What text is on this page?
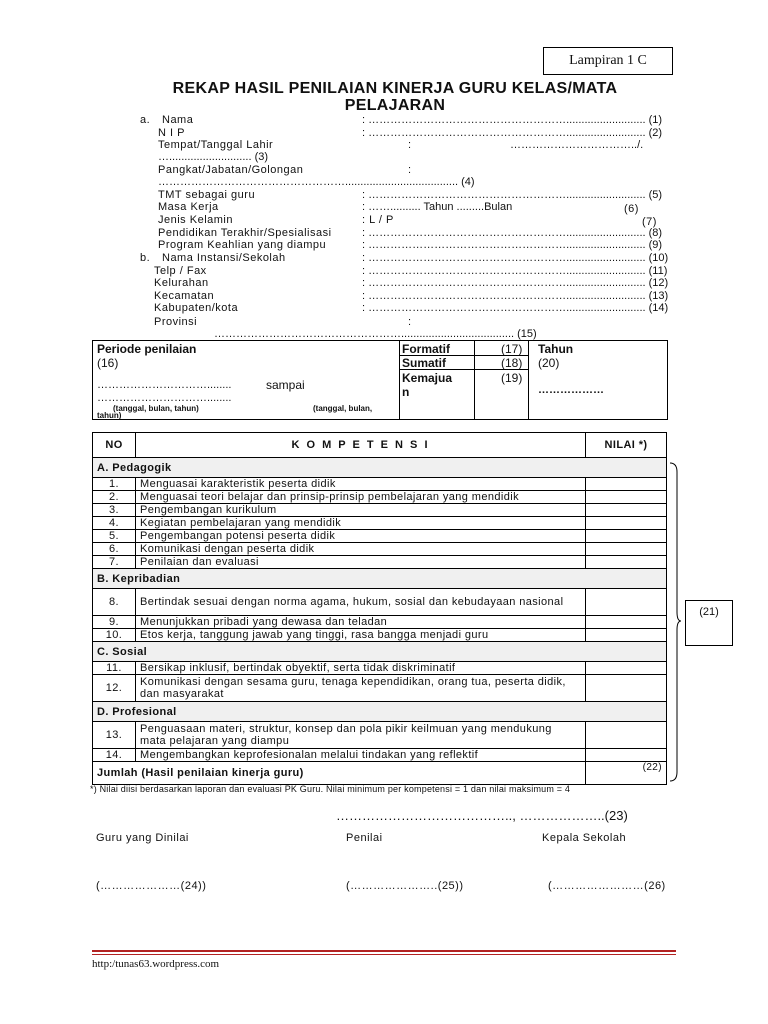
Lampiran 1 C
REKAP HASIL PENILAIAN KINERJA GURU KELAS/MATA
PELAJARAN
a. Nama	: ……………………………………………….......................... (1)
N I P	: ……………………………………………….......................... (2)
Tempat/Tanggal Lahir	:	……………………………../.
…........................... (3)
Pangkat/Jabatan/Golongan	:
……………………………………………..................................... (4)
TMT sebagai guru	: ……………………………………………….......................... (5)
Masa Kerja	: …….......... Tahun .........Bulan	(6)
Jenis Kelamin	: L / P	(7)
Pendidikan Terakhir/Spesialisasi	: ……………………………………………….......................... (8)
Program Keahlian yang diampu	: ……………………………………………….......................... (9)
b. Nama Instansi/Sekolah	: ……………………………………………….......................... (10)
Telp / Fax	: ……………………………………………….......................... (11)
Kelurahan	: ……………………………………………….......................... (12)
Kecamatan	: ……………………………………………….......................... (13)
Kabupaten/kota	: ……………………………………………….......................... (14)
Provinsi	:
……………………………………………..................................... (15)
Periode penilaian
(16)
…………………………........	sampai
…………………………........
(tanggal, bulan, tahun)	(tanggal, bulan,
tahun)
Formatif	(17)
Sumatif	(18)
Kemajua
n
(19)
Tahun
(20)
………………
NO	K O M P E T E N S I	NILAI *)
A. Pedagogik		
1.	Menguasai karakteristik peserta didik	
2.	Menguasai teori belajar dan prinsip-prinsip pembelajaran yang mendidik	
3.	Pengembangan kurikulum	
4.	Kegiatan pembelajaran yang mendidik	
5.	Pengembangan potensi peserta didik	
6.	Komunikasi dengan peserta didik	
7.	Penilaian dan evaluasi	
B. Kepribadian		
8.	Bertindak sesuai dengan norma agama, hukum, sosial dan kebudayaan nasional	
9.	Menunjukkan pribadi yang dewasa dan teladan	
10.	Etos kerja, tanggung jawab yang tinggi, rasa bangga menjadi guru	
C. Sosial		
11.	Bersikap inklusif, bertindak obyektif, serta tidak diskriminatif	
12.	Komunikasi dengan sesama guru, tenaga kependidikan, orang tua, peserta didik, dan masyarakat	
D. Profesional		
13.	Penguasaan materi, struktur, konsep dan pola pikir keilmuan yang mendukung mata pelajaran yang diampu	
14.	Mengembangkan keprofesionalan melalui tindakan yang reflektif	
Jumlah (Hasil penilaian kinerja guru)		(22)
(21)
*) Nilai diisi berdasarkan laporan dan evaluasi PK Guru. Nilai minimum per kompetensi = 1 dan nilai maksimum = 4
………………………………….., ………………..(23)
Guru yang Dinilai	Penilai	Kepala Sekolah
(…………………(24))	(…………………..(25))	(……………………(26)
http:/tunas63.wordpress.com
